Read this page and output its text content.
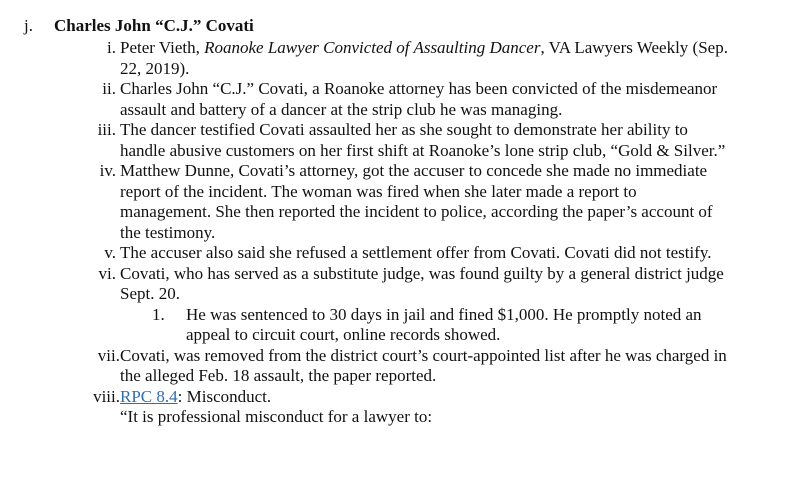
j. Charles John “C.J.” Covati
i. Peter Vieth, Roanoke Lawyer Convicted of Assaulting Dancer, VA Lawyers Weekly (Sep. 22, 2019).
ii. Charles John “C.J.” Covati, a Roanoke attorney has been convicted of the misdemeanor assault and battery of a dancer at the strip club he was managing.
iii. The dancer testified Covati assaulted her as she sought to demonstrate her ability to handle abusive customers on her first shift at Roanoke’s lone strip club, “Gold & Silver.”
iv. Matthew Dunne, Covati’s attorney, got the accuser to concede she made no immediate report of the incident. The woman was fired when she later made a report to management. She then reported the incident to police, according the paper’s account of the testimony.
v. The accuser also said she refused a settlement offer from Covati. Covati did not testify.
vi. Covati, who has served as a substitute judge, was found guilty by a general district judge Sept. 20.
1. He was sentenced to 30 days in jail and fined $1,000. He promptly noted an appeal to circuit court, online records showed.
vii. Covati, was removed from the district court’s court-appointed list after he was charged in the alleged Feb. 18 assault, the paper reported.
viii. RPC 8.4: Misconduct.
“It is professional misconduct for a lawyer to:
